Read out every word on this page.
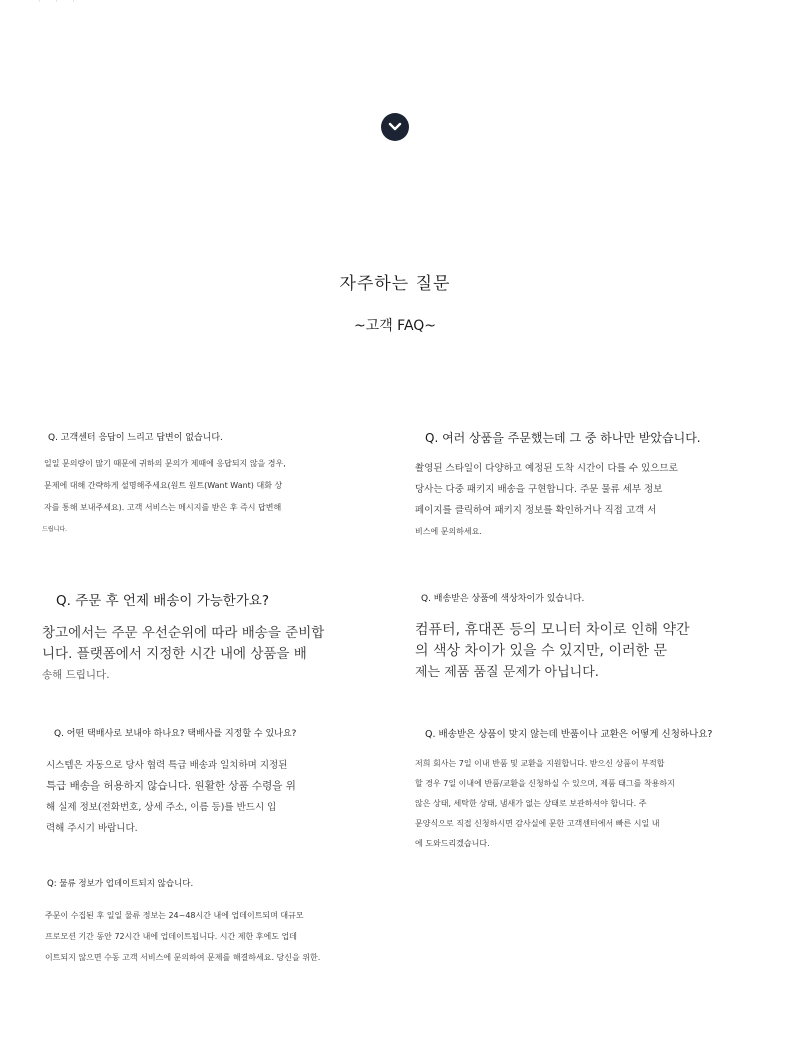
· · ·
자주하는 질문
~고객 FAQ~
Q. 고객센터 응답이 느리고 답변이 없습니다.
일일 문의량이 많기 때문에 귀하의 문의가 제때에 응답되지 않을 경우,
문제에 대해 간략하게 설명해주세요(원트 원트(Want Want) 대화 상
자를 통해 보내주세요). 고객 서비스는 메시지를 받은 후 즉시 답변해
드립니다.
Q. 여러 상품을 주문했는데 그 중 하나만 받았습니다.
촬영된 스타일이 다양하고 예정된 도착 시간이 다를 수 있으므로
당사는 다중 패키지 배송을 구현합니다. 주문 물류 세부 정보
페이지를 클릭하여 패키지 정보를 확인하거나 직접 고객 서
비스에 문의하세요.
Q. 주문 후 언제 배송이 가능한가요?
창고에서는 주문 우선순위에 따라 배송을 준비합
니다. 플랫폼에서 지정한 시간 내에 상품을 배
송해 드립니다.
Q. 배송받은 상품에 색상차이가 있습니다.
컴퓨터, 휴대폰 등의 모니터 차이로 인해 약간
의 색상 차이가 있을 수 있지만, 이러한 문
제는 제품 품질 문제가 아닙니다.
Q. 어떤 택배사로 보내야 하나요? 택배사를 지정할 수 있나요?
시스템은 자동으로 당사 협력 특급 배송과 일치하며 지정된
특급 배송을 허용하지 않습니다. 원활한 상품 수령을 위
해 실제 정보(전화번호, 상세 주소, 이름 등)를 반드시 입
력해 주시기 바랍니다.
Q. 배송받은 상품이 맞지 않는데 반품이나 교환은 어떻게 신청하나요?
저희 회사는 7일 이내 반품 및 교환을 지원합니다. 받으신 상품이 부적합
할 경우 7일 이내에 반품/교환을 신청하실 수 있으며, 제품 태그를 착용하지
않은 상태, 세탁한 상태, 냄새가 없는 상태로 보관하셔야 합니다. 주
문양식으로 직접 신청하시면 감사실에 문한 고객센터에서 빠른 시일 내
에 도와드리겠습니다.
Q: 물류 정보가 업데이트되지 않습니다.
주문이 수집된 후 일일 물류 정보는 24~48시간 내에 업데이트되며 대규모
프로모션 기간 동안 72시간 내에 업데이트됩니다. 시간 제한 후에도 업데
이트되지 않으면 수동 고객 서비스에 문의하여 문제를 해결하세요. 당신을 위한.
